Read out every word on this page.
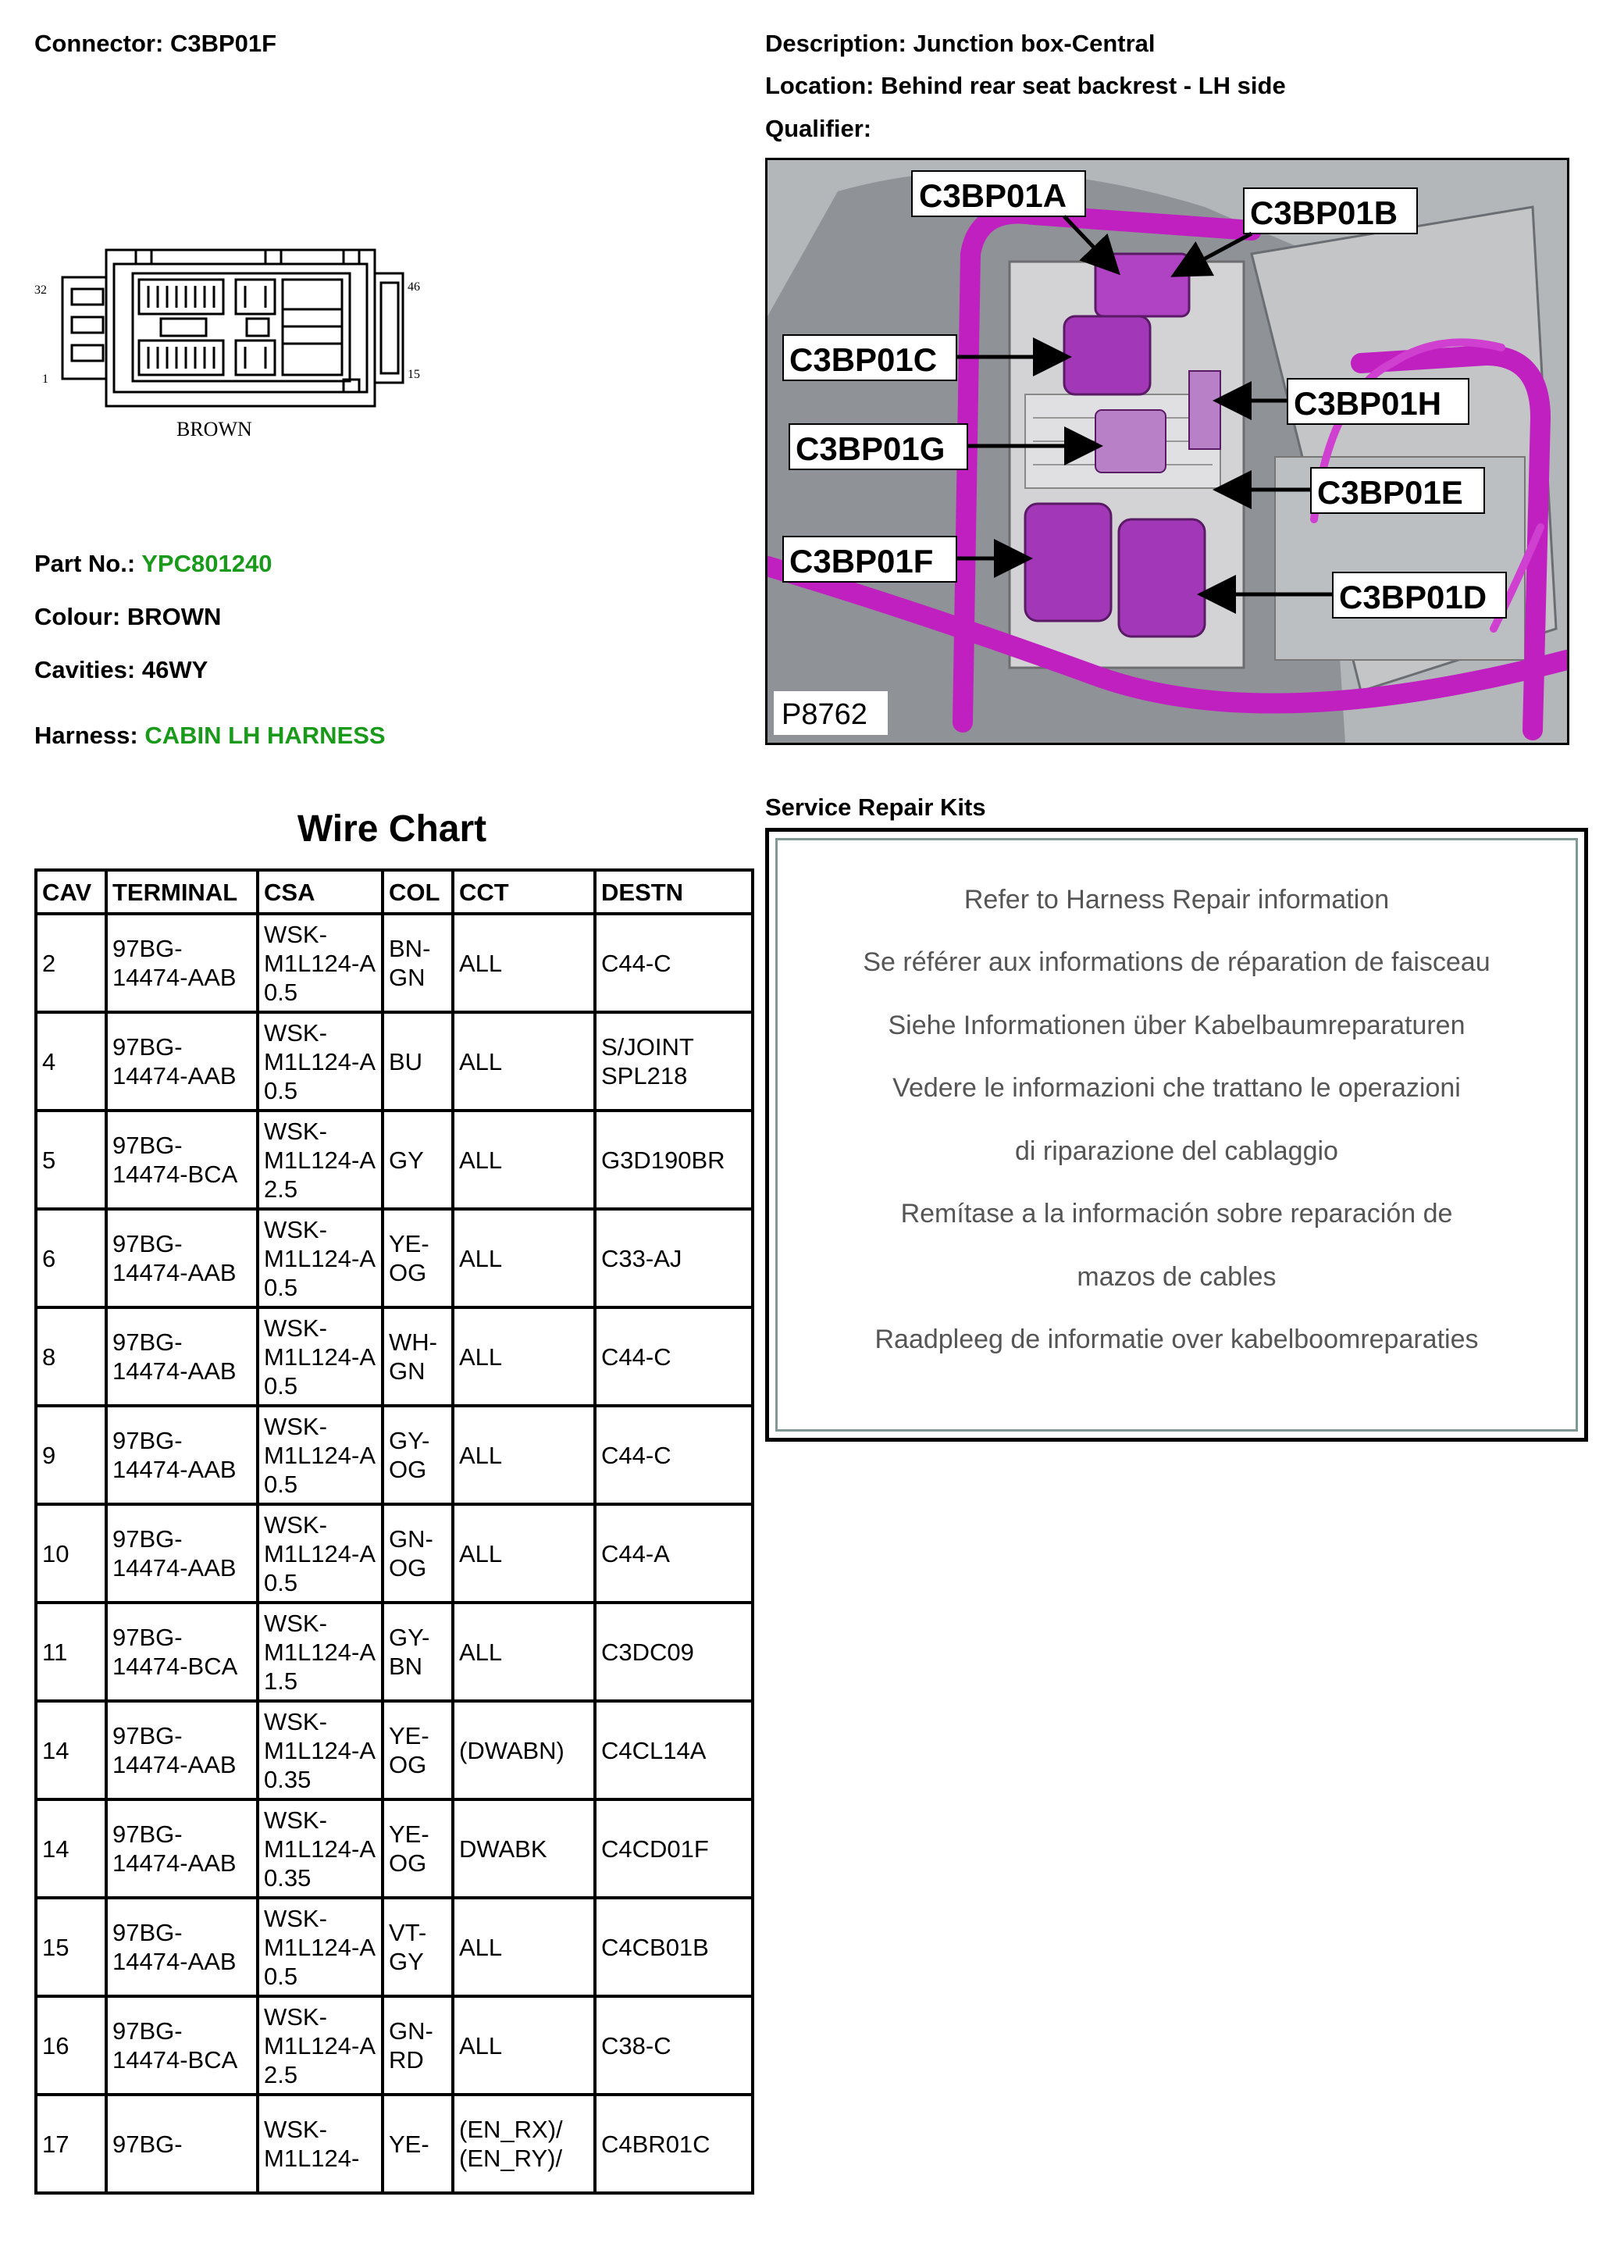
Connector: C3BP01F	Description: Junction box-Central
Location: Behind rear seat backrest - LH side
Qualifier:
32
1
46
15
BROWN
Part No.: YPC801240
Colour: BROWN
Cavities: 46WY
Harness: CABIN LH HARNESS
C3BP01A	C3BP01B
C3BP01C
C3BP01H
C3BP01G
C3BP01E
C3BP01F
C3BP01D
P8762
Wire Chart
CAV	TERMINAL	CSA	COL	CCT	DESTN

2	97BG-14474-AAB	WSK-M1L124-A 0.5	BN-GN	ALL	C44-C

4	97BG-14474-AAB	WSK-M1L124-A 0.5	BU	ALL	S/JOINT SPL218

5	97BG-14474-BCA	WSK-M1L124-A 2.5	GY	ALL	G3D190BR

6	97BG-14474-AAB	WSK-M1L124-A 0.5	YE-OG	ALL	C33-AJ

8	97BG-14474-AAB	WSK-M1L124-A 0.5	WH-GN	ALL	C44-C

9	97BG-14474-AAB	WSK-M1L124-A 0.5	GY-OG	ALL	C44-C

10	97BG-14474-AAB	WSK-M1L124-A 0.5	GN-OG	ALL	C44-A

11	97BG-14474-BCA	WSK-M1L124-A 1.5	GY-BN	ALL	C3DC09

14	97BG-14474-AAB	WSK-M1L124-A 0.35	YE-OG	(DWABN)	C4CL14A

14	97BG-14474-AAB	WSK-M1L124-A 0.35	YE-OG	DWABK	C4CD01F

15	97BG-14474-AAB	WSK-M1L124-A 0.5	VT-GY	ALL	C4CB01B

16	97BG-14474-BCA	WSK-M1L124-A 2.5	GN-RD	ALL	C38-C

17	97BG-	WSK-M1L124-	YE-	(EN_RX)/ (EN_RY)/	C4BR01C
Service Repair Kits
Refer to Harness Repair information
Se référer aux informations de réparation de faisceau
Siehe Informationen über Kabelbaumreparaturen
Vedere le informazioni che trattano le operazioni
di riparazione del cablaggio
Remítase a la información sobre reparación de
mazos de cables
Raadpleeg de informatie over kabelboomreparaties
